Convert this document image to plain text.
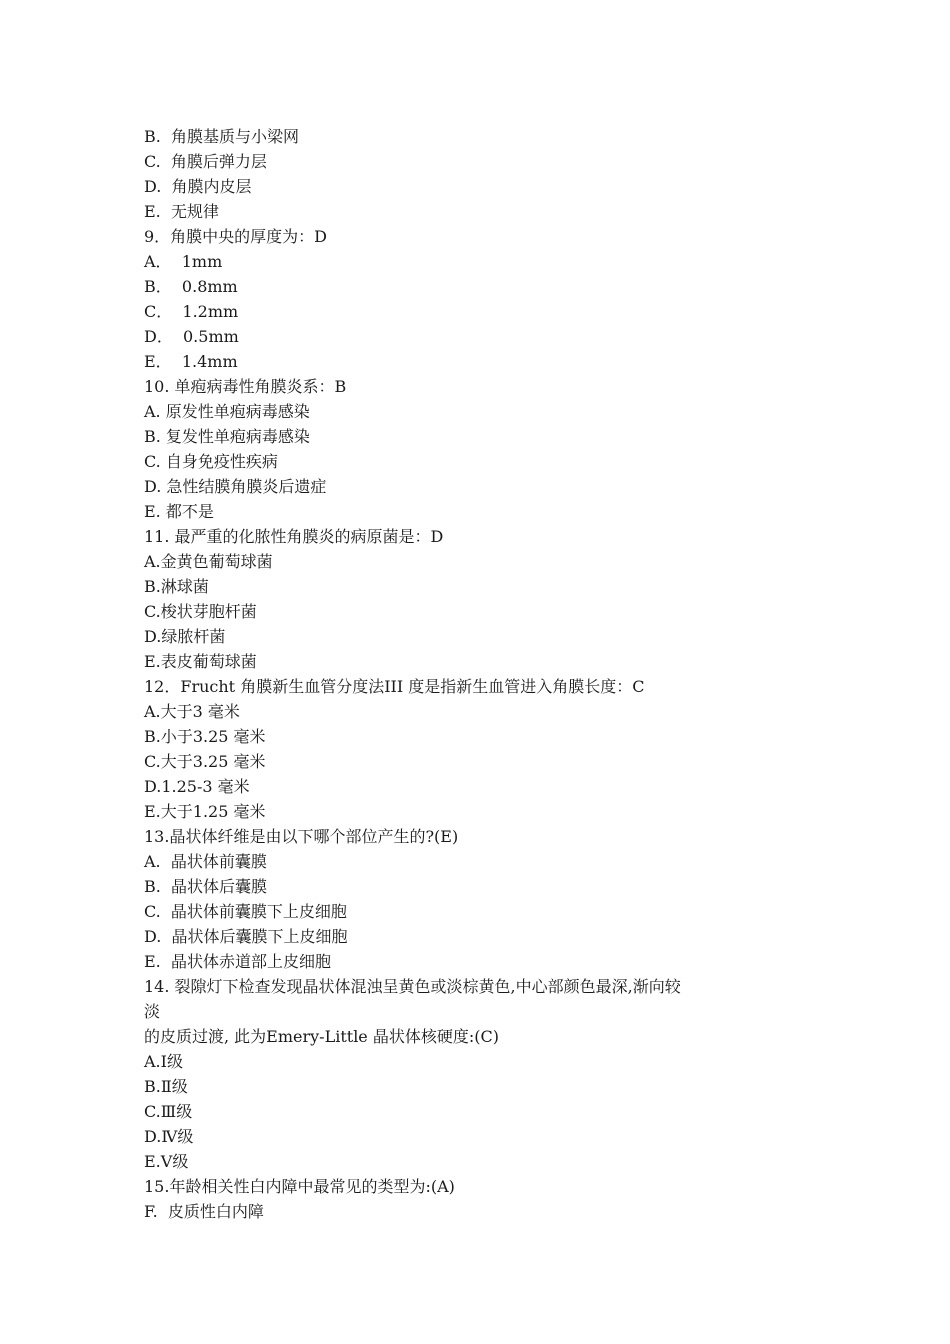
B.  角膜基质与小梁网
C.  角膜后弹力层
D.  角膜内皮层
E.  无规律
9．角膜中央的厚度为：D
A．  1mm
B．  0.8mm
C．  1.2mm
D．  0.5mm
E．  1.4mm
10. 单疱病毒性角膜炎系：B
A. 原发性单疱病毒感染
B. 复发性单疱病毒感染
C. 自身免疫性疾病
D. 急性结膜角膜炎后遗症
E. 都不是
11. 最严重的化脓性角膜炎的病原菌是：D
A.金黄色葡萄球菌
B.淋球菌
C.梭状芽胞杆菌
D.绿脓杆菌
E.表皮葡萄球菌
12．Frucht 角膜新生血管分度法III 度是指新生血管进入角膜长度：C
A.大于3 毫米
B.小于3.25 毫米
C.大于3.25 毫米
D.1.25-3 毫米
E.大于1.25 毫米
13.晶状体纤维是由以下哪个部位产生的?(E)
A.  晶状体前囊膜
B.  晶状体后囊膜
C.  晶状体前囊膜下上皮细胞
D.  晶状体后囊膜下上皮细胞
E.  晶状体赤道部上皮细胞
14. 裂隙灯下检查发现晶状体混浊呈黄色或淡棕黄色,中心部颜色最深,渐向较
淡
的皮质过渡, 此为Emery-Little 晶状体核硬度:(C)
A.Ⅰ级
B.Ⅱ级
C.Ⅲ级
D.Ⅳ级
E.Ⅴ级
15.年龄相关性白内障中最常见的类型为:(A)
F.  皮质性白内障
